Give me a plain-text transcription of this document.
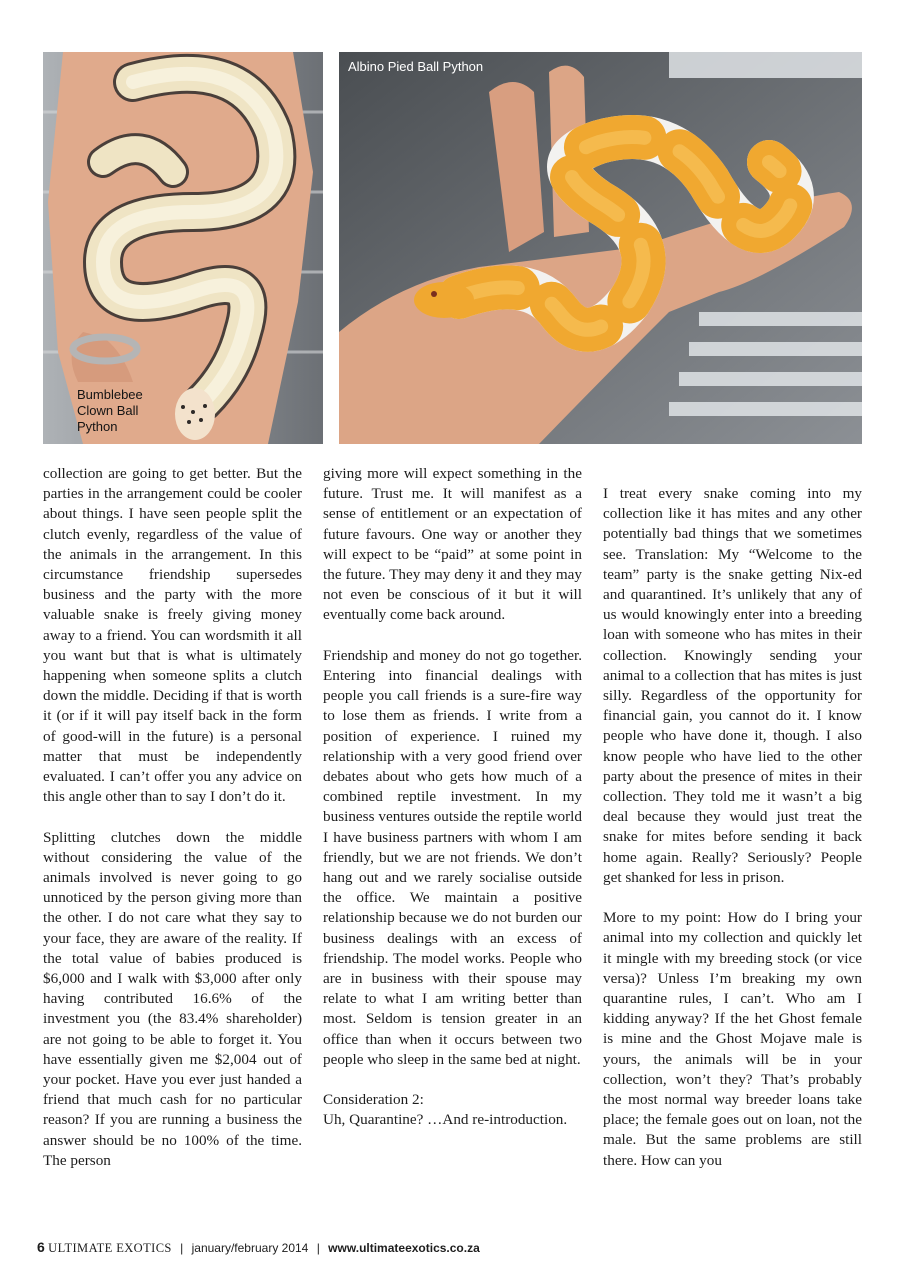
Bumblebee
Clown Ball
Python
Albino Pied Ball Python

collection are going to get better. But the parties in the arrangement could be cooler about things. I have seen people split the clutch evenly, regardless of the value of the animals in the arrangement. In this circumstance friendship supersedes business and the party with the more valuable snake is freely giving money away to a friend. You can wordsmith it all you want but that is what is ultimately happening when someone splits a clutch down the middle. Deciding if that is worth it (or if it will pay itself back in the form of good-will in the future) is a personal matter that must be independently evaluated. I can’t offer you any advice on this angle other than to say I don’t do it.

Splitting clutches down the middle without considering the value of the animals involved is never going to go unnoticed by the person giving more than the other. I do not care what they say to your face, they are aware of the reality. If the total value of babies produced is $6,000 and I walk with $3,000 after only having contributed 16.6% of the investment you (the 83.4% shareholder) are not going to be able to forget it. You have essentially given me $2,004 out of your pocket. Have you ever just handed a friend that much cash for no particular reason? If you are running a business the answer should be no 100% of the time. The person

giving more will expect something in the future. Trust me. It will manifest as a sense of entitlement or an expectation of future favours. One way or another they will expect to be “paid” at some point in the future. They may deny it and they may not even be conscious of it but it will eventually come back around.

Friendship and money do not go together. Entering into financial dealings with people you call friends is a sure-fire way to lose them as friends. I write from a position of experience. I ruined my relationship with a very good friend over debates about who gets how much of a combined reptile investment. In my business ventures outside the reptile world I have business partners with whom I am friendly, but we are not friends. We don’t hang out and we rarely socialise outside the office. We maintain a positive relationship because we do not burden our business dealings with an excess of friendship. The model works. People who are in business with their spouse may relate to what I am writing better than most. Seldom is tension greater in an office than when it occurs between two people who sleep in the same bed at night.

Consideration 2:
Uh, Quarantine? …And re-introduction.

I treat every snake coming into my collection like it has mites and any other potentially bad things that we sometimes see. Translation: My “Welcome to the team” party is the snake getting Nix-ed and quarantined. It’s unlikely that any of us would knowingly enter into a breeding loan with someone who has mites in their collection. Knowingly sending your animal to a collection that has mites is just silly. Regardless of the opportunity for financial gain, you cannot do it. I know people who have done it, though. I also know people who have lied to the other party about the presence of mites in their collection. They told me it wasn’t a big deal because they would just treat the snake for mites before sending it back home again. Really? Seriously? People get shanked for less in prison.

More to my point: How do I bring your animal into my collection and quickly let it mingle with my breeding stock (or vice versa)? Unless I’m breaking my own quarantine rules, I can’t. Who am I kidding anyway? If the het Ghost female is mine and the Ghost Mojave male is yours, the animals will be in your collection, won’t they? That’s probably the most normal way breeder loans take place; the female goes out on loan, not the male. But the same problems are still there. How can you

6 ULTIMATE EXOTICS | january/february 2014 | www.ultimateexotics.co.za
